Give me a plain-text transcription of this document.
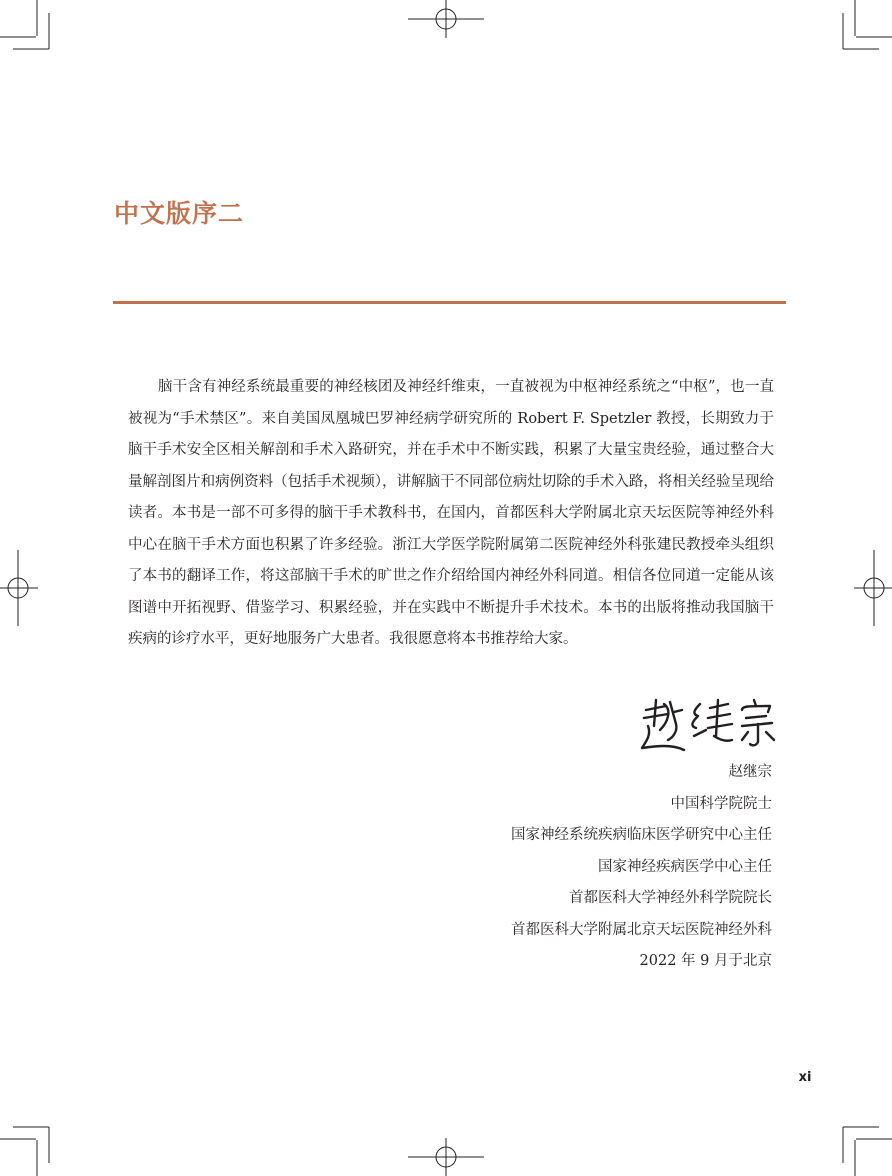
中文版序二

脑干含有神经系统最重要的神经核团及神经纤维束，一直被视为中枢神经系统之“中枢”，也一直被视为“手术禁区”。来自美国凤凰城巴罗神经病学研究所的 Robert F. Spetzler 教授，长期致力于脑干手术安全区相关解剖和手术入路研究，并在手术中不断实践，积累了大量宝贵经验，通过整合大量解剖图片和病例资料（包括手术视频），讲解脑干不同部位病灶切除的手术入路，将相关经验呈现给读者。本书是一部不可多得的脑干手术教科书，在国内，首都医科大学附属北京天坛医院等神经外科中心在脑干手术方面也积累了许多经验。浙江大学医学院附属第二医院神经外科张建民教授牵头组织了本书的翻译工作，将这部脑干手术的旷世之作介绍给国内神经外科同道。相信各位同道一定能从该图谱中开拓视野、借鉴学习、积累经验，并在实践中不断提升手术技术。本书的出版将推动我国脑干疾病的诊疗水平，更好地服务广大患者。我很愿意将本书推荐给大家。

赵继宗
中国科学院院士
国家神经系统疾病临床医学研究中心主任
国家神经疾病医学中心主任
首都医科大学神经外科学院院长
首都医科大学附属北京天坛医院神经外科
2022 年 9 月于北京
xi
